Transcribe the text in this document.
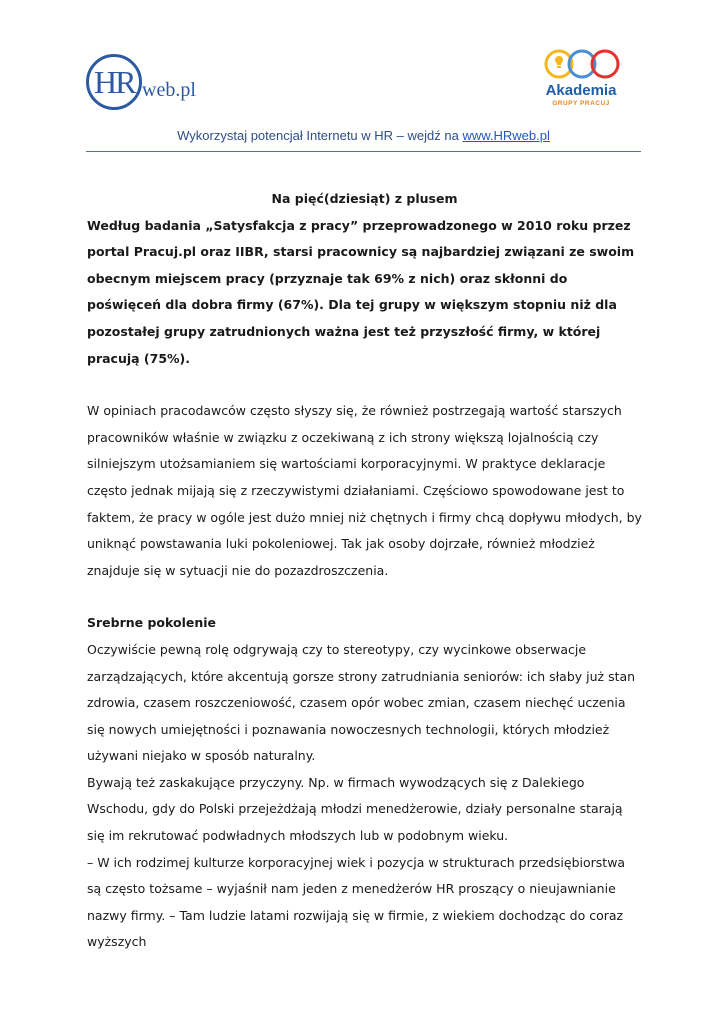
HR web.pl	Akademia
GRUPY PRACUJ
Wykorzystaj potencjał Internetu w HR – wejdź na www.HRweb.pl

Na pięć(dziesiąt) z plusem

Według badania „Satysfakcja z pracy” przeprowadzonego w 2010 roku przez portal Pracuj.pl oraz IIBR, starsi pracownicy są najbardziej związani ze swoim obecnym miejscem pracy (przyznaje tak 69% z nich) oraz skłonni do poświęceń dla dobra firmy (67%). Dla tej grupy w większym stopniu niż dla pozostałej grupy zatrudnionych ważna jest też przyszłość firmy, w której pracują (75%).

W opiniach pracodawców często słyszy się, że również postrzegają wartość starszych pracowników właśnie w związku z oczekiwaną z ich strony większą lojalnością czy silniejszym utożsamianiem się wartościami korporacyjnymi. W praktyce deklaracje często jednak mijają się z rzeczywistymi działaniami. Częściowo spowodowane jest to faktem, że pracy w ogóle jest dużo mniej niż chętnych i firmy chcą dopływu młodych, by uniknąć powstawania luki pokoleniowej. Tak jak osoby dojrzałe, również młodzież znajduje się w sytuacji nie do pozazdroszczenia.

Srebrne pokolenie

Oczywiście pewną rolę odgrywają czy to stereotypy, czy wycinkowe obserwacje zarządzających, które akcentują gorsze strony zatrudniania seniorów: ich słaby już stan zdrowia, czasem roszczeniowość, czasem opór wobec zmian, czasem niechęć uczenia się nowych umiejętności i poznawania nowoczesnych technologii, których młodzież używani niejako w sposób naturalny.

Bywają też zaskakujące przyczyny. Np. w firmach wywodzących się z Dalekiego Wschodu, gdy do Polski przejeżdżają młodzi menedżerowie, działy personalne starają się im rekrutować podwładnych młodszych lub w podobnym wieku.

– W ich rodzimej kulturze korporacyjnej wiek i pozycja w strukturach przedsiębiorstwa są często tożsame – wyjaśnił nam jeden z menedżerów HR proszący o nieujawnianie nazwy firmy. – Tam ludzie latami rozwijają się w firmie, z wiekiem dochodząc do coraz wyższych
